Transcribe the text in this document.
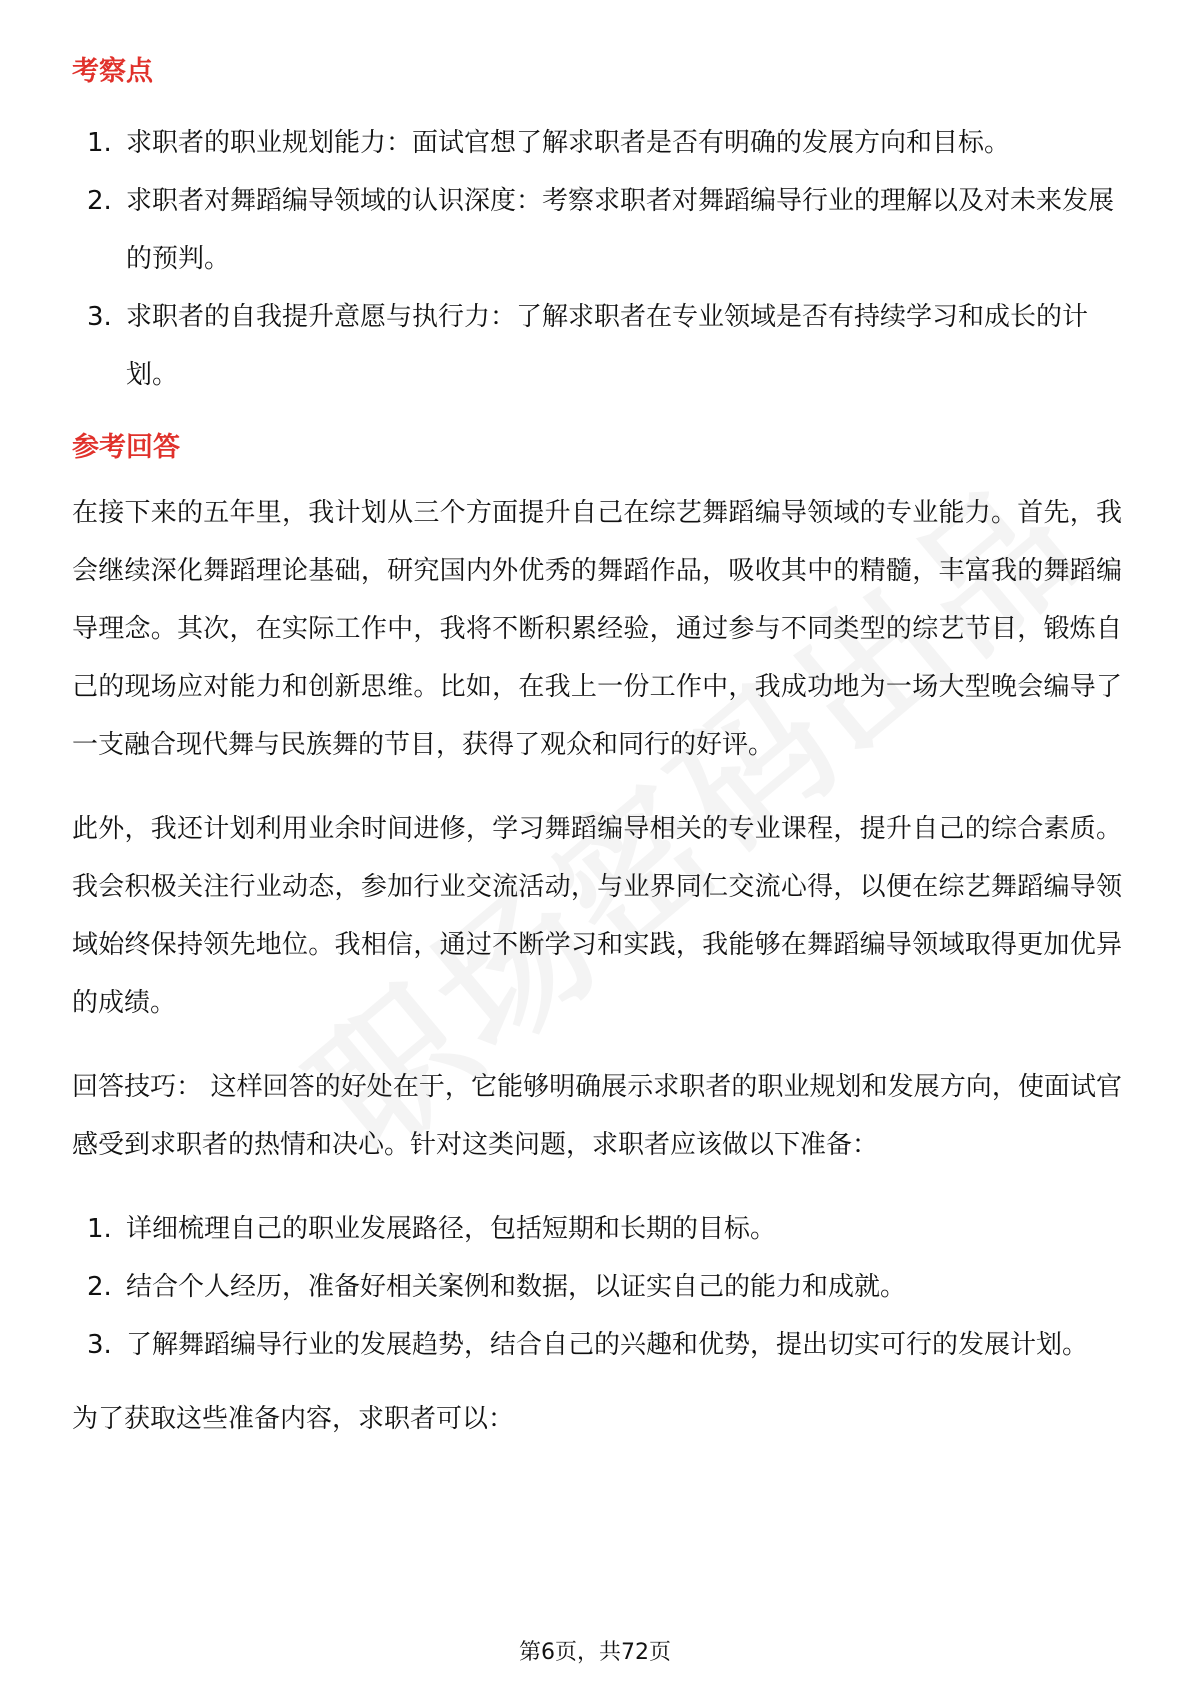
考察点
1. 求职者的职业规划能力：面试官想了解求职者是否有明确的发展方向和目标。
2. 求职者对舞蹈编导领域的认识深度：考察求职者对舞蹈编导行业的理解以及对未来发展的预判。
3. 求职者的自我提升意愿与执行力：了解求职者在专业领域是否有持续学习和成长的计划。
参考回答

在接下来的五年里，我计划从三个方面提升自己在综艺舞蹈编导领域的专业能力。首先，我会继续深化舞蹈理论基础，研究国内外优秀的舞蹈作品，吸收其中的精髓，丰富我的舞蹈编导理念。其次，在实际工作中，我将不断积累经验，通过参与不同类型的综艺节目，锻炼自己的现场应对能力和创新思维。比如，在我上一份工作中，我成功地为一场大型晚会编导了一支融合现代舞与民族舞的节目，获得了观众和同行的好评。

此外，我还计划利用业余时间进修，学习舞蹈编导相关的专业课程，提升自己的综合素质。我会积极关注行业动态，参加行业交流活动，与业界同仁交流心得，以便在综艺舞蹈编导领域始终保持领先地位。我相信，通过不断学习和实践，我能够在舞蹈编导领域取得更加优异的成绩。

回答技巧： 这样回答的好处在于，它能够明确展示求职者的职业规划和发展方向，使面试官感受到求职者的热情和决心。针对这类问题，求职者应该做以下准备：

1. 详细梳理自己的职业发展路径，包括短期和长期的目标。
2. 结合个人经历，准备好相关案例和数据，以证实自己的能力和成就。
3. 了解舞蹈编导行业的发展趋势，结合自己的兴趣和优势，提出切实可行的发展计划。

为了获取这些准备内容，求职者可以：

第6页，共72页
